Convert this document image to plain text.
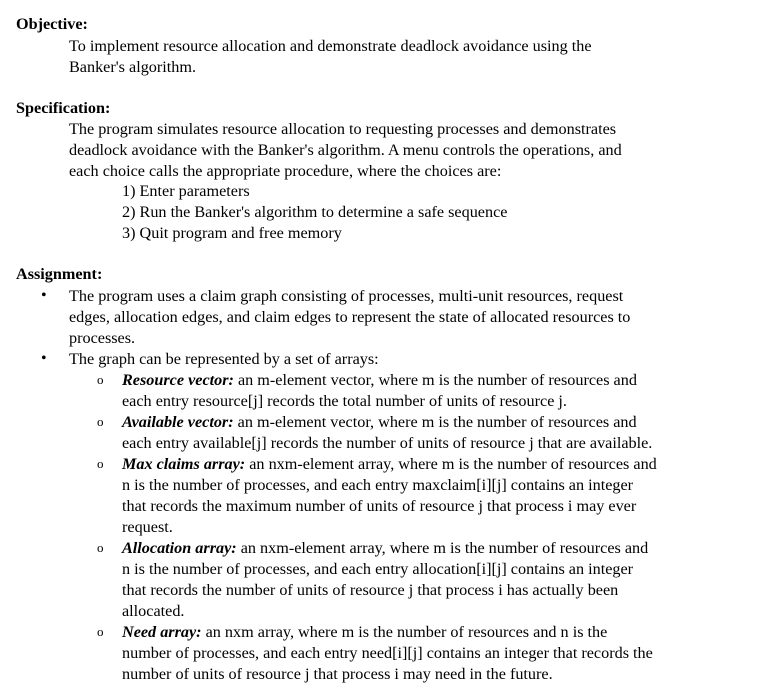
Objective:
To implement resource allocation and demonstrate deadlock avoidance using the
Banker's algorithm.
Specification:
The program simulates resource allocation to requesting processes and demonstrates
deadlock avoidance with the Banker's algorithm. A menu controls the operations, and
each choice calls the appropriate procedure, where the choices are:
1) Enter parameters
2) Run the Banker's algorithm to determine a safe sequence
3) Quit program and free memory
Assignment:
• The program uses a claim graph consisting of processes, multi-unit resources, request
edges, allocation edges, and claim edges to represent the state of allocated resources to
processes.
• The graph can be represented by a set of arrays:
o Resource vector: an m-element vector, where m is the number of resources and
each entry resource[j] records the total number of units of resource j.
o Available vector: an m-element vector, where m is the number of resources and
each entry available[j] records the number of units of resource j that are available.
o Max claims array: an nxm-element array, where m is the number of resources and
n is the number of processes, and each entry maxclaim[i][j] contains an integer
that records the maximum number of units of resource j that process i may ever
request.
o Allocation array: an nxm-element array, where m is the number of resources and
n is the number of processes, and each entry allocation[i][j] contains an integer
that records the number of units of resource j that process i has actually been
allocated.
o Need array: an nxm array, where m is the number of resources and n is the
number of processes, and each entry need[i][j] contains an integer that records the
number of units of resource j that process i may need in the future.
